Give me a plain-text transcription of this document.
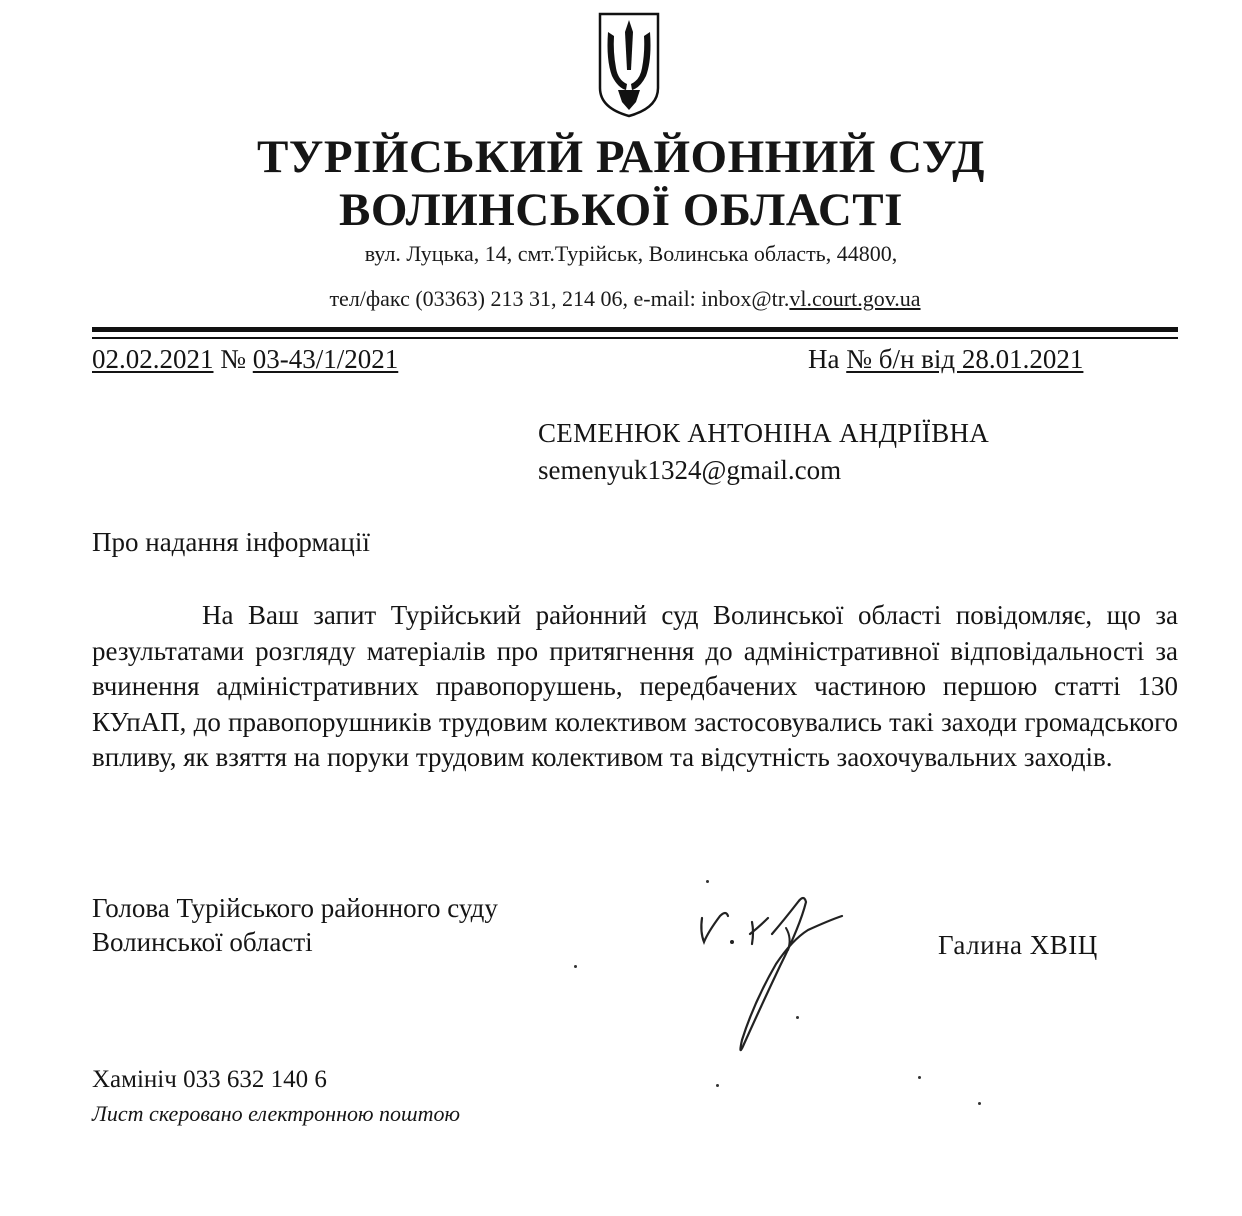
ТУРІЙСЬКИЙ РАЙОННИЙ СУД
ВОЛИНСЬКОЇ ОБЛАСТІ
вул. Луцька, 14, смт.Турійськ, Волинська область, 44800,
тел/факс (03363) 213 31, 214 06, e-mail: inbox@tr.vl.court.gov.ua
02.02.2021 № 03-43/1/2021	На № б/н від 28.01.2021
СЕМЕНЮК АНТОНІНА АНДРІЇВНА
semenyuk1324@gmail.com
Про надання інформації
На Ваш запит Турійський районний суд Волинської області повідомляє, що за результатами розгляду матеріалів про притягнення до адміністративної відповідальності за вчинення адміністративних правопорушень, передбачених частиною першою статті 130 КУпАП, до правопорушників трудовим колективом застосовувались такі заходи громадського впливу, як взяття на поруки трудовим колективом та відсутність заохочувальних заходів.
Голова Турійського районного суду
Волинської області	Галина ХВІЦ
Хамініч 033 632 140 6
Лист скеровано електронною поштою
